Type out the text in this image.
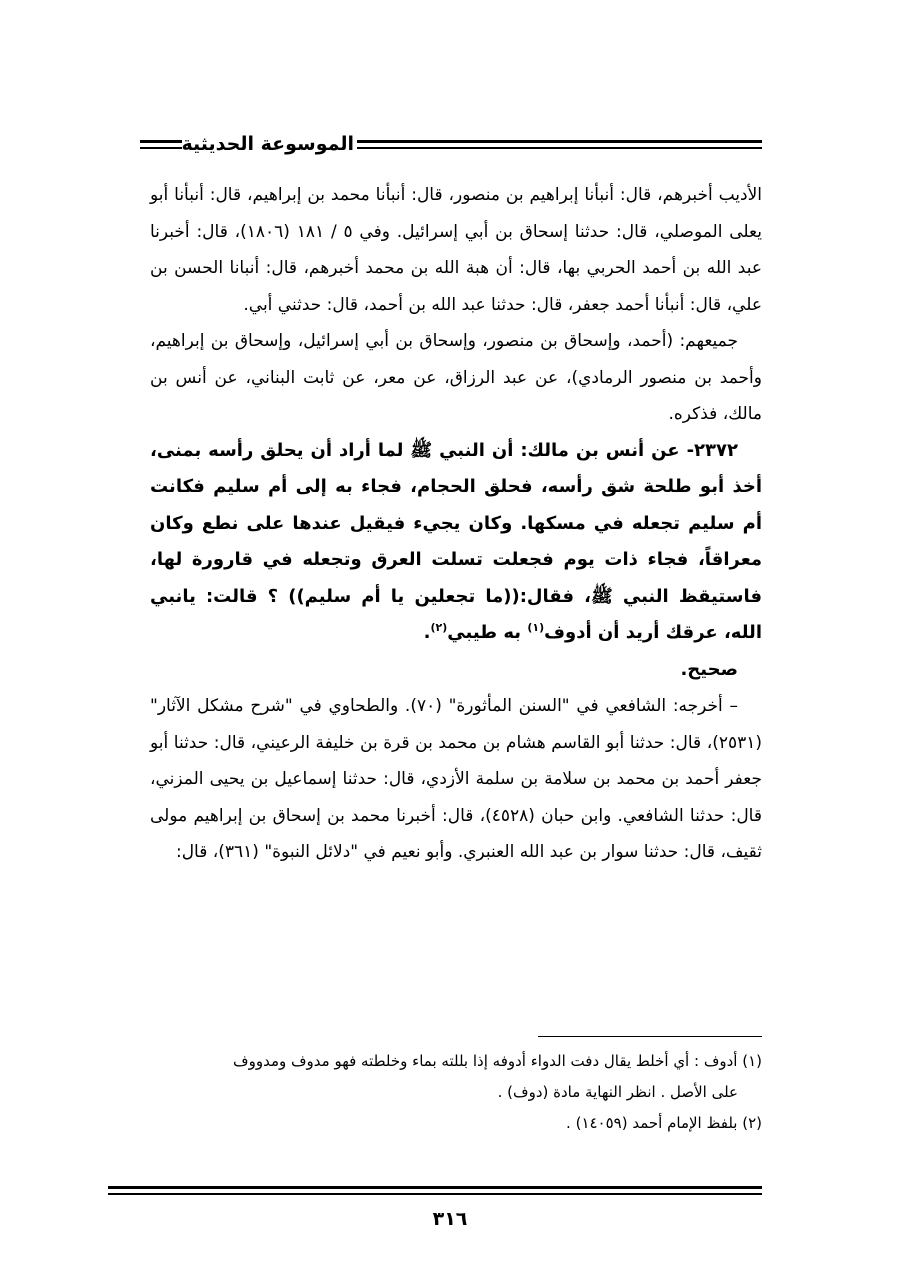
الموسوعة الحديثية

الأديب أخبرهم، قال: أنبأنا إبراهيم بن منصور، قال: أنبأنا محمد بن إبراهيم، قال: أنبأنا أبو يعلى الموصلي، قال: حدثنا إسحاق بن أبي إسرائيل. وفي ٥ / ١٨١ (١٨٠٦)، قال: أخبرنا عبد الله بن أحمد الحربي بها، قال: أن هبة الله بن محمد أخبرهم، قال: أنبانا الحسن بن علي، قال: أنبأنا أحمد جعفر، قال: حدثنا عبد الله بن أحمد، قال: حدثني أبي.

جميعهم: (أحمد، وإسحاق بن منصور، وإسحاق بن أبي إسرائيل، وإسحاق بن إبراهيم، وأحمد بن منصور الرمادي)، عن عبد الرزاق، عن معر، عن ثابت البناني، عن أنس بن مالك، فذكره.

٢٣٧٢- عن أنس بن مالك: أن النبي ﷺ لما أراد أن يحلق رأسه بمنى، أخذ أبو طلحة شق رأسه، فحلق الحجام، فجاء به إلى أم سليم فكانت أم سليم تجعله في مسكها. وكان يجيء فيقيل عندها على نطع وكان معراقاً، فجاء ذات يوم فجعلت تسلت العرق وتجعله في قارورة لها، فاستيقظ النبي ﷺ، فقال:((ما تجعلين يا أم سليم)) ؟ قالت: يانبي الله، عرقك أريد أن أدوف$^{(١)}$ به طيبي$^{(٢)}$.

صحيح.

– أخرجه: الشافعي في "السنن المأثورة" (٧٠). والطحاوي في "شرح مشكل الآثار" (٢٥٣١)، قال: حدثنا أبو القاسم هشام بن محمد بن قرة بن خليفة الرعيني، قال: حدثنا أبو جعفر أحمد بن محمد بن سلامة بن سلمة الأزدي، قال: حدثنا إسماعيل بن يحيى المزني، قال: حدثنا الشافعي. وابن حبان (٤٥٢٨)، قال: أخبرنا محمد بن إسحاق بن إبراهيم مولى ثقيف، قال: حدثنا سوار بن عبد الله العنبري. وأبو نعيم في "دلائل النبوة" (٣٦١)، قال:

(١) أدوف : أي أخلط يقال دفت الدواء أدوفه إذا بللته بماء وخلطته فهو مدوف ومدووف

على الأصل . انظر النهاية مادة (دوف) .

(٢) بلفظ الإمام أحمد (١٤٠٥٩) .

٣١٦
